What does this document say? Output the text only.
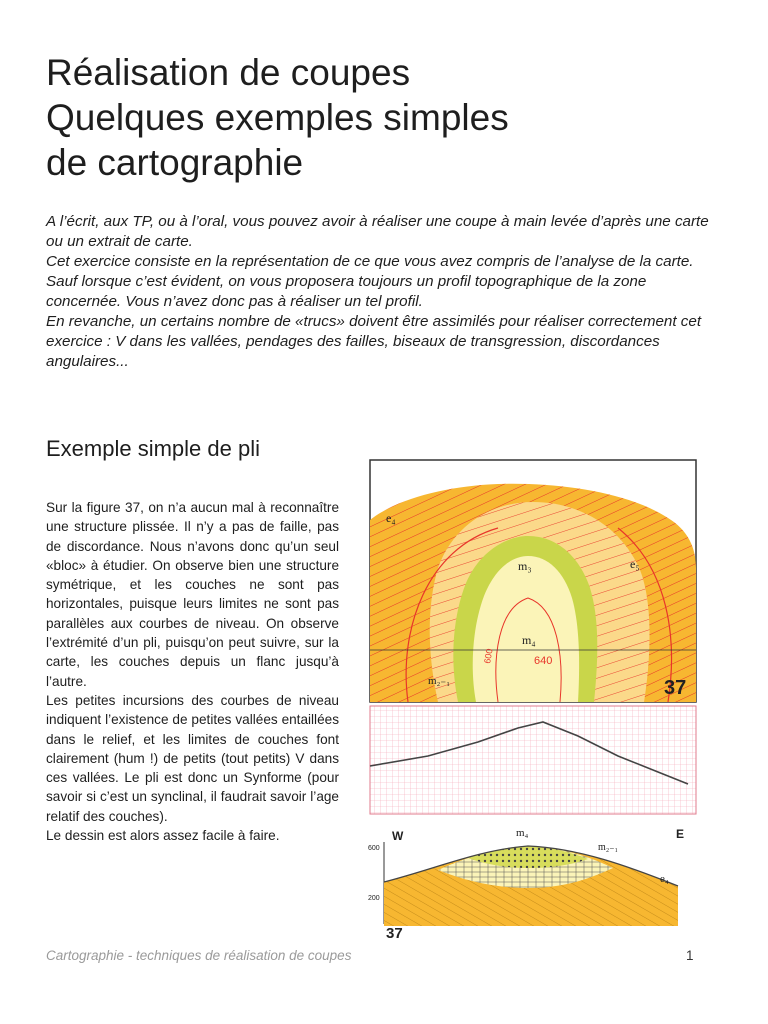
Réalisation de coupes
Quelques exemples simples
de cartographie

A l’écrit, aux TP, ou à l’oral, vous pouvez avoir à réaliser une coupe à main levée d’après une carte ou un extrait de carte.

Cet exercice consiste en la représentation de ce que vous avez compris de l’analyse de la carte.

Sauf lorsque c’est évident, on vous proposera toujours un profil topographique de la zone concernée. Vous n’avez donc pas à réaliser un tel profil.

En revanche, un certains nombre de «trucs» doivent être assimilés pour réaliser correctement cet exercice : V dans les vallées, pendages des failles, biseaux de transgression, discordances angulaires...

Exemple simple de pli

Sur la figure 37, on n’a aucun mal à reconnaître une structure plissée. Il n’y a pas de faille, pas de discordance. Nous n’avons donc qu’un seul «bloc» à étudier. On observe bien une structure symétrique, et les couches ne sont pas horizontales, puisque leurs limites ne sont pas parallèles aux courbes de niveau. On observe l’extrémité d’un pli, puisqu’on peut suivre, sur la carte, les couches depuis un flanc jusqu’à l’autre.

Les petites incursions des courbes de niveau indiquent l’existence de petites vallées entaillées dans le relief, et les limites de couches font clairement (hum !) de petits (tout petits) V dans ces vallées. Le pli est donc un Synforme (pour savoir si c’est un synclinal, il faudrait savoir l’age relatif des couches).

Le dessin est alors assez facile à faire.

e₄
e₅
m₃
m₄
m₂₋₁
640
600
37
W	E
600
200
m₄
m₂₋₁
e₄
37
Cartographie - techniques de réalisation de coupes	1
